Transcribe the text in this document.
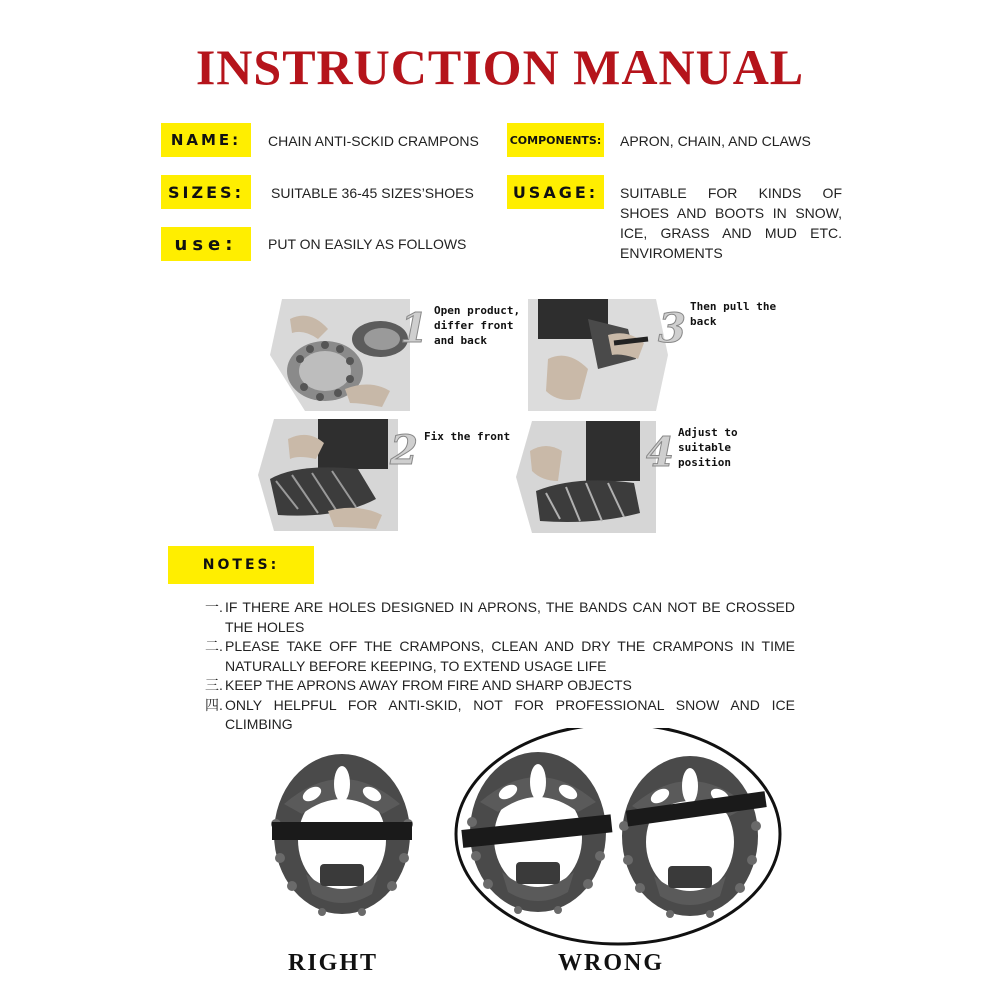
INSTRUCTION MANUAL
NAME:	CHAIN ANTI-SCKID CRAMPONS
SIZES:	SUITABLE 36-45 SIZES’SHOES
use:	PUT ON EASILY AS FOLLOWS
COMPONENTS: APRON, CHAIN, AND CLAWS
USAGE:	SUITABLE FOR KINDS OF SHOES AND BOOTS IN SNOW, ICE, GRASS AND MUD ETC. ENVIROMENTS
1 Open product,
differ front
and back	3 Then pull the
back
2 Fix the front	4 Adjust to
suitable
position
NOTES:
一. IF THERE ARE HOLES DESIGNED IN APRONS, THE BANDS CAN NOT BE CROSSED THE HOLES
二. PLEASE TAKE OFF THE CRAMPONS, CLEAN AND DRY THE CRAMPONS IN TIME NATURALLY BEFORE KEEPING, TO EXTEND USAGE LIFE
三. KEEP THE APRONS AWAY FROM FIRE AND SHARP OBJECTS
四. ONLY HELPFUL FOR ANTI-SKID, NOT FOR PROFESSIONAL SNOW AND ICE CLIMBING
RIGHT	WRONG
